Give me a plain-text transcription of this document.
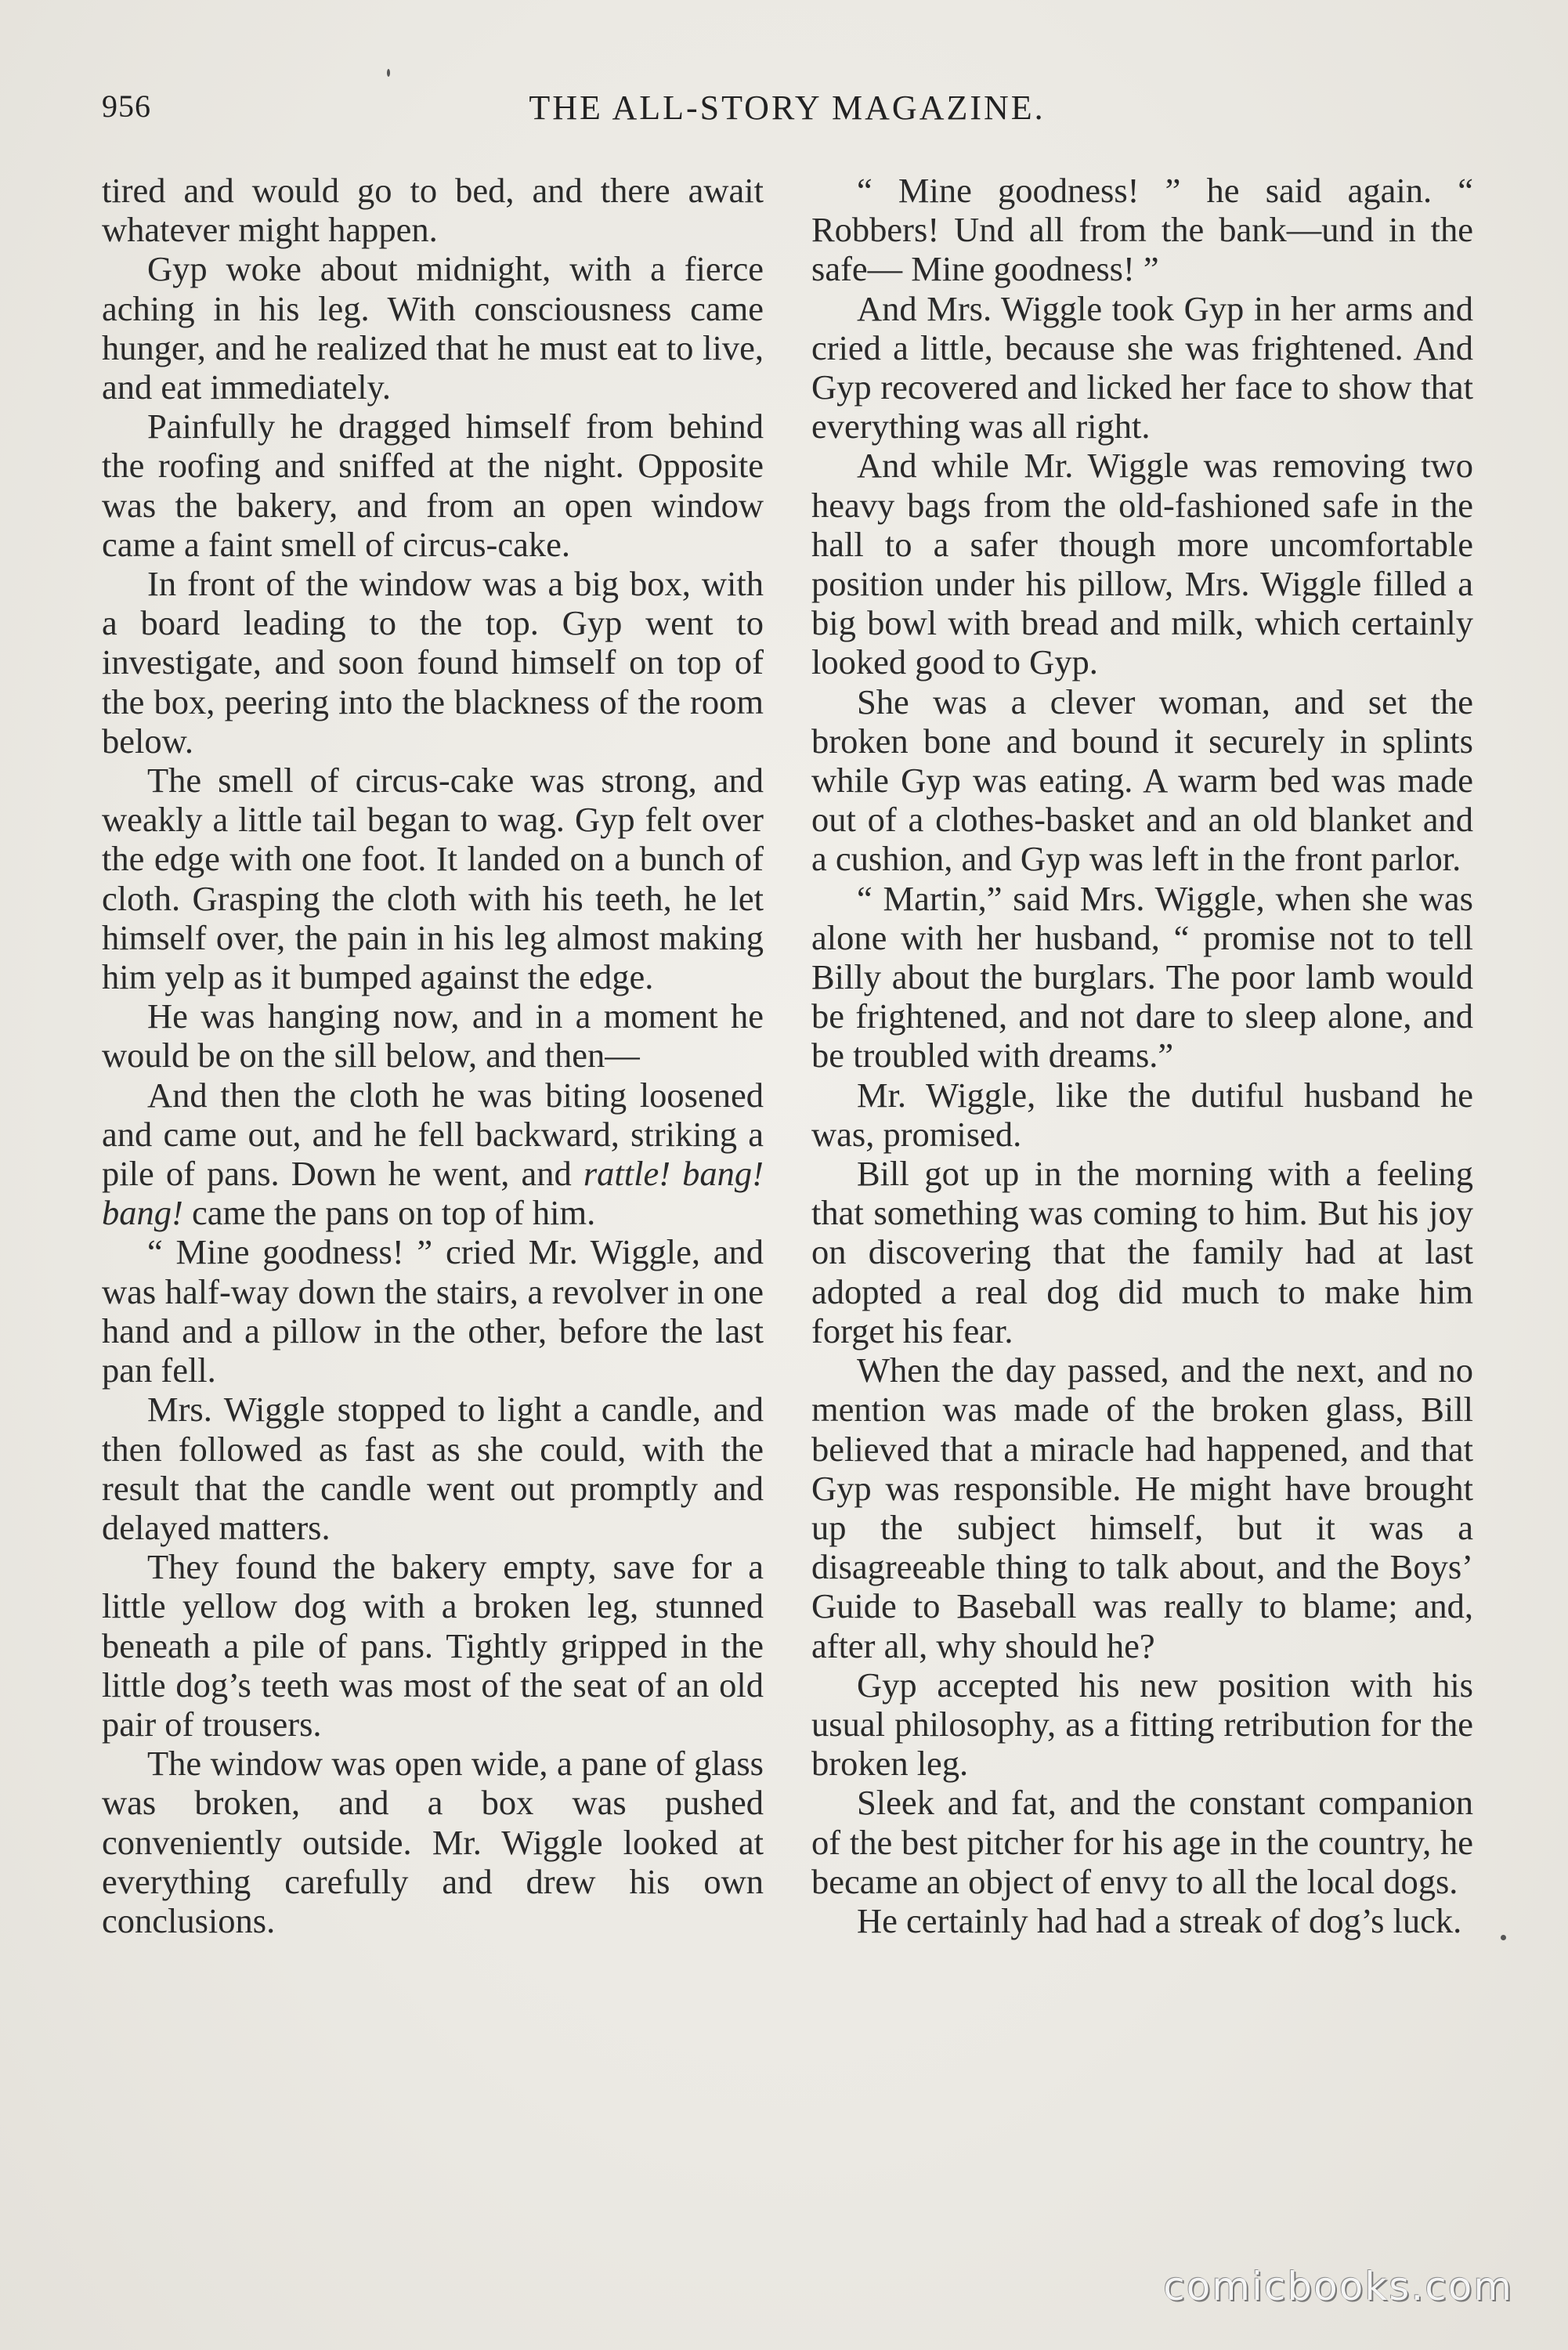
956	THE ALL-STORY MAGAZINE.

tired and would go to bed, and there await whatever might happen.

Gyp woke about midnight, with a fierce aching in his leg. With consciousness came hunger, and he realized that he must eat to live, and eat immediately.

Painfully he dragged himself from behind the roofing and sniffed at the night. Opposite was the bakery, and from an open window came a faint smell of circus-cake.

In front of the window was a big box, with a board leading to the top. Gyp went to investigate, and soon found himself on top of the box, peering into the blackness of the room below.

The smell of circus-cake was strong, and weakly a little tail began to wag. Gyp felt over the edge with one foot. It landed on a bunch of cloth. Grasping the cloth with his teeth, he let himself over, the pain in his leg almost making him yelp as it bumped against the edge.

He was hanging now, and in a moment he would be on the sill below, and then—

And then the cloth he was biting loosened and came out, and he fell backward, striking a pile of pans. Down he went, and rattle! bang! bang! came the pans on top of him.

“ Mine goodness! ” cried Mr. Wiggle, and was half-way down the stairs, a revolver in one hand and a pillow in the other, before the last pan fell.

Mrs. Wiggle stopped to light a candle, and then followed as fast as she could, with the result that the candle went out promptly and delayed matters.

They found the bakery empty, save for a little yellow dog with a broken leg, stunned beneath a pile of pans. Tightly gripped in the little dog’s teeth was most of the seat of an old pair of trousers.

The window was open wide, a pane of glass was broken, and a box was pushed conveniently outside. Mr. Wiggle looked at everything carefully and drew his own conclusions.

“ Mine goodness! ” he said again. “ Robbers! Und all from the bank—und in the safe— Mine goodness! ”

And Mrs. Wiggle took Gyp in her arms and cried a little, because she was frightened. And Gyp recovered and licked her face to show that everything was all right.

And while Mr. Wiggle was removing two heavy bags from the old-fashioned safe in the hall to a safer though more uncomfortable position under his pillow, Mrs. Wiggle filled a big bowl with bread and milk, which certainly looked good to Gyp.

She was a clever woman, and set the broken bone and bound it securely in splints while Gyp was eating. A warm bed was made out of a clothes-basket and an old blanket and a cushion, and Gyp was left in the front parlor.

“ Martin,” said Mrs. Wiggle, when she was alone with her husband, “ promise not to tell Billy about the burglars. The poor lamb would be frightened, and not dare to sleep alone, and be troubled with dreams.”

Mr. Wiggle, like the dutiful husband he was, promised.

Bill got up in the morning with a feeling that something was coming to him. But his joy on discovering that the family had at last adopted a real dog did much to make him forget his fear.

When the day passed, and the next, and no mention was made of the broken glass, Bill believed that a miracle had happened, and that Gyp was responsible. He might have brought up the subject himself, but it was a disagreeable thing to talk about, and the Boys’ Guide to Baseball was really to blame; and, after all, why should he?

Gyp accepted his new position with his usual philosophy, as a fitting retribution for the broken leg.

Sleek and fat, and the constant companion of the best pitcher for his age in the country, he became an object of envy to all the local dogs.

He certainly had had a streak of dog’s luck.

comicbooks.com
